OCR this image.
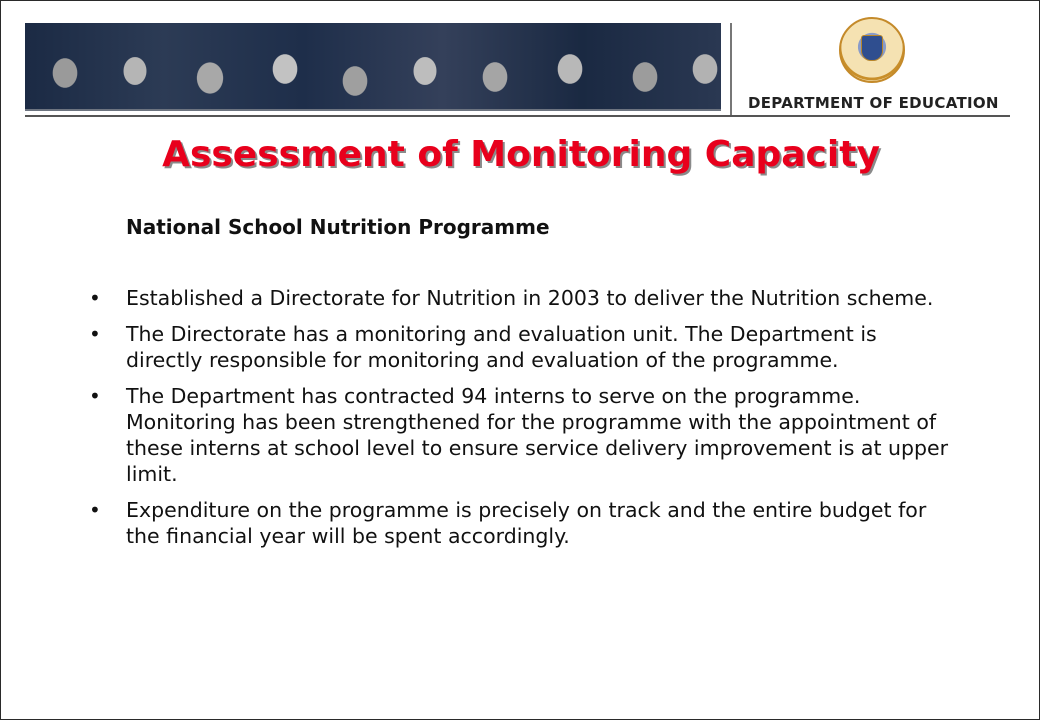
DEPARTMENT OF EDUCATION
Assessment of Monitoring Capacity
National School Nutrition Programme
• Established a Directorate for Nutrition in 2003 to deliver the Nutrition scheme.
• The Directorate has a monitoring and evaluation unit. The Department is directly responsible for monitoring and evaluation of the programme.
• The Department has contracted 94 interns to serve on the programme. Monitoring has been strengthened for the programme with the appointment of these interns at school level to ensure service delivery improvement is at upper limit.
• Expenditure on the programme is precisely on track and the entire budget for the financial year will be spent accordingly.
